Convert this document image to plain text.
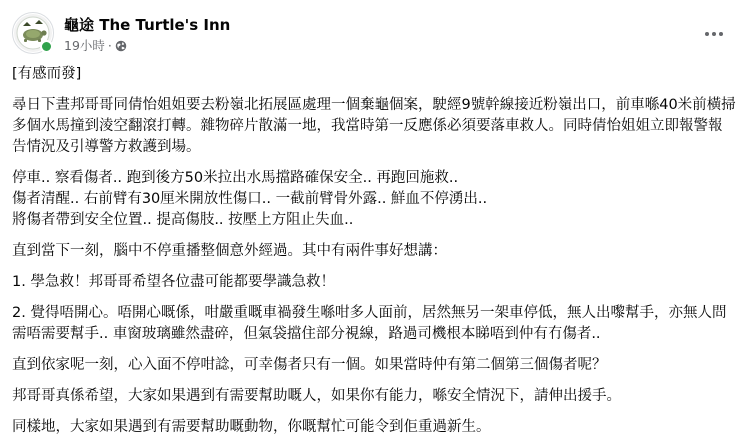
龜途 The Turtle's Inn
19小時 ·

[有感而發]

尋日下晝邦哥哥同倩怡姐姐要去粉嶺北拓展區處理一個棄龜個案，駛經9號幹線接近粉嶺出口，前車喺40米前橫掃多個水馬撞到淩空翻滾打轉。雜物碎片散滿一地，我當時第一反應係必須要落車救人。同時倩怡姐姐立即報警報告情況及引導警方救護到場。

停車.. 察看傷者.. 跑到後方50米拉出水馬擋路確保安全.. 再跑回施救..
傷者清醒.. 右前臂有30厘米開放性傷口.. 一截前臂骨外露.. 鮮血不停湧出..
將傷者帶到安全位置.. 提高傷肢.. 按壓上方阻止失血..

直到當下一刻，腦中不停重播整個意外經過。其中有兩件事好想講：

1. 學急救！邦哥哥希望各位盡可能都要學識急救！

2. 覺得唔開心。唔開心嘅係，咁嚴重嘅車禍發生喺咁多人面前，居然無另一架車停低，無人出嚟幫手，亦無人問需唔需要幫手.. 車窗玻璃雖然盡碎，但氣袋擋住部分視線，路過司機根本睇唔到仲有冇傷者..

直到依家呢一刻，心入面不停咁諗，可幸傷者只有一個。如果當時仲有第二個第三個傷者呢？

邦哥哥真係希望，大家如果遇到有需要幫助嘅人，如果你有能力，喺安全情況下，請伸出援手。

同樣地，大家如果遇到有需要幫助嘅動物，你嘅幫忙可能令到佢重過新生。
